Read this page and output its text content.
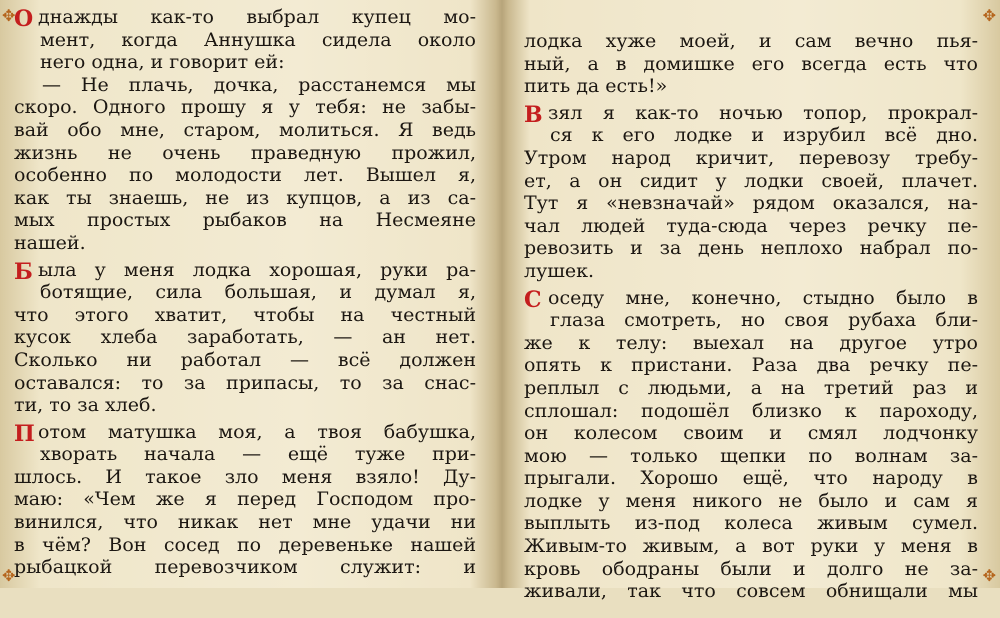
✥	✥
✥	✥
О днажды как-то выбрал купец мо-
мент, когда Аннушка сидела около
него одна, и говорит ей:
— Не плачь, дочка, расстанемся мы
скоро. Одного прошу я у тебя: не забы-
вай обо мне, старом, молиться. Я ведь
жизнь не очень праведную прожил,
особенно по молодости лет. Вышел я,
как ты знаешь, не из купцов, а из са-
мых простых рыбаков на Несмеяне
нашей.
Б ыла у меня лодка хорошая, руки ра-
ботящие, сила большая, и думал я,
что этого хватит, чтобы на честный
кусок хлеба заработать, — ан нет.
Сколько ни работал — всё должен
оставался: то за припасы, то за снас-
ти, то за хлеб.
П отом матушка моя, а твоя бабушка,
хворать начала — ещё туже при-
шлось. И такое зло меня взяло! Ду-
маю: «Чем же я перед Господом про-
винился, что никак нет мне удачи ни
в чём? Вон сосед по деревеньке нашей
рыбацкой перевозчиком служит: и
лодка хуже моей, и сам вечно пья-
ный, а в домишке его всегда есть что
пить да есть!»
В зял я как-то ночью топор, прокрал-
ся к его лодке и изрубил всё дно.
Утром народ кричит, перевозу требу-
ет, а он сидит у лодки своей, плачет.
Тут я «невзначай» рядом оказался, на-
чал людей туда-сюда через речку пе-
ревозить и за день неплохо набрал по-
лушек.
С оседу мне, конечно, стыдно было в
глаза смотреть, но своя рубаха бли-
же к телу: выехал на другое утро
опять к пристани. Раза два речку пе-
реплыл с людьми, а на третий раз и
сплошал: подошёл близко к пароходу,
он колесом своим и смял лодчонку
мою — только щепки по волнам за-
прыгали. Хорошо ещё, что народу в
лодке у меня никого не было и сам я
выплыть из-под колеса живым сумел.
Живым-то живым, а вот руки у меня в
кровь ободраны были и долго не за-
живали, так что совсем обнищали мы
